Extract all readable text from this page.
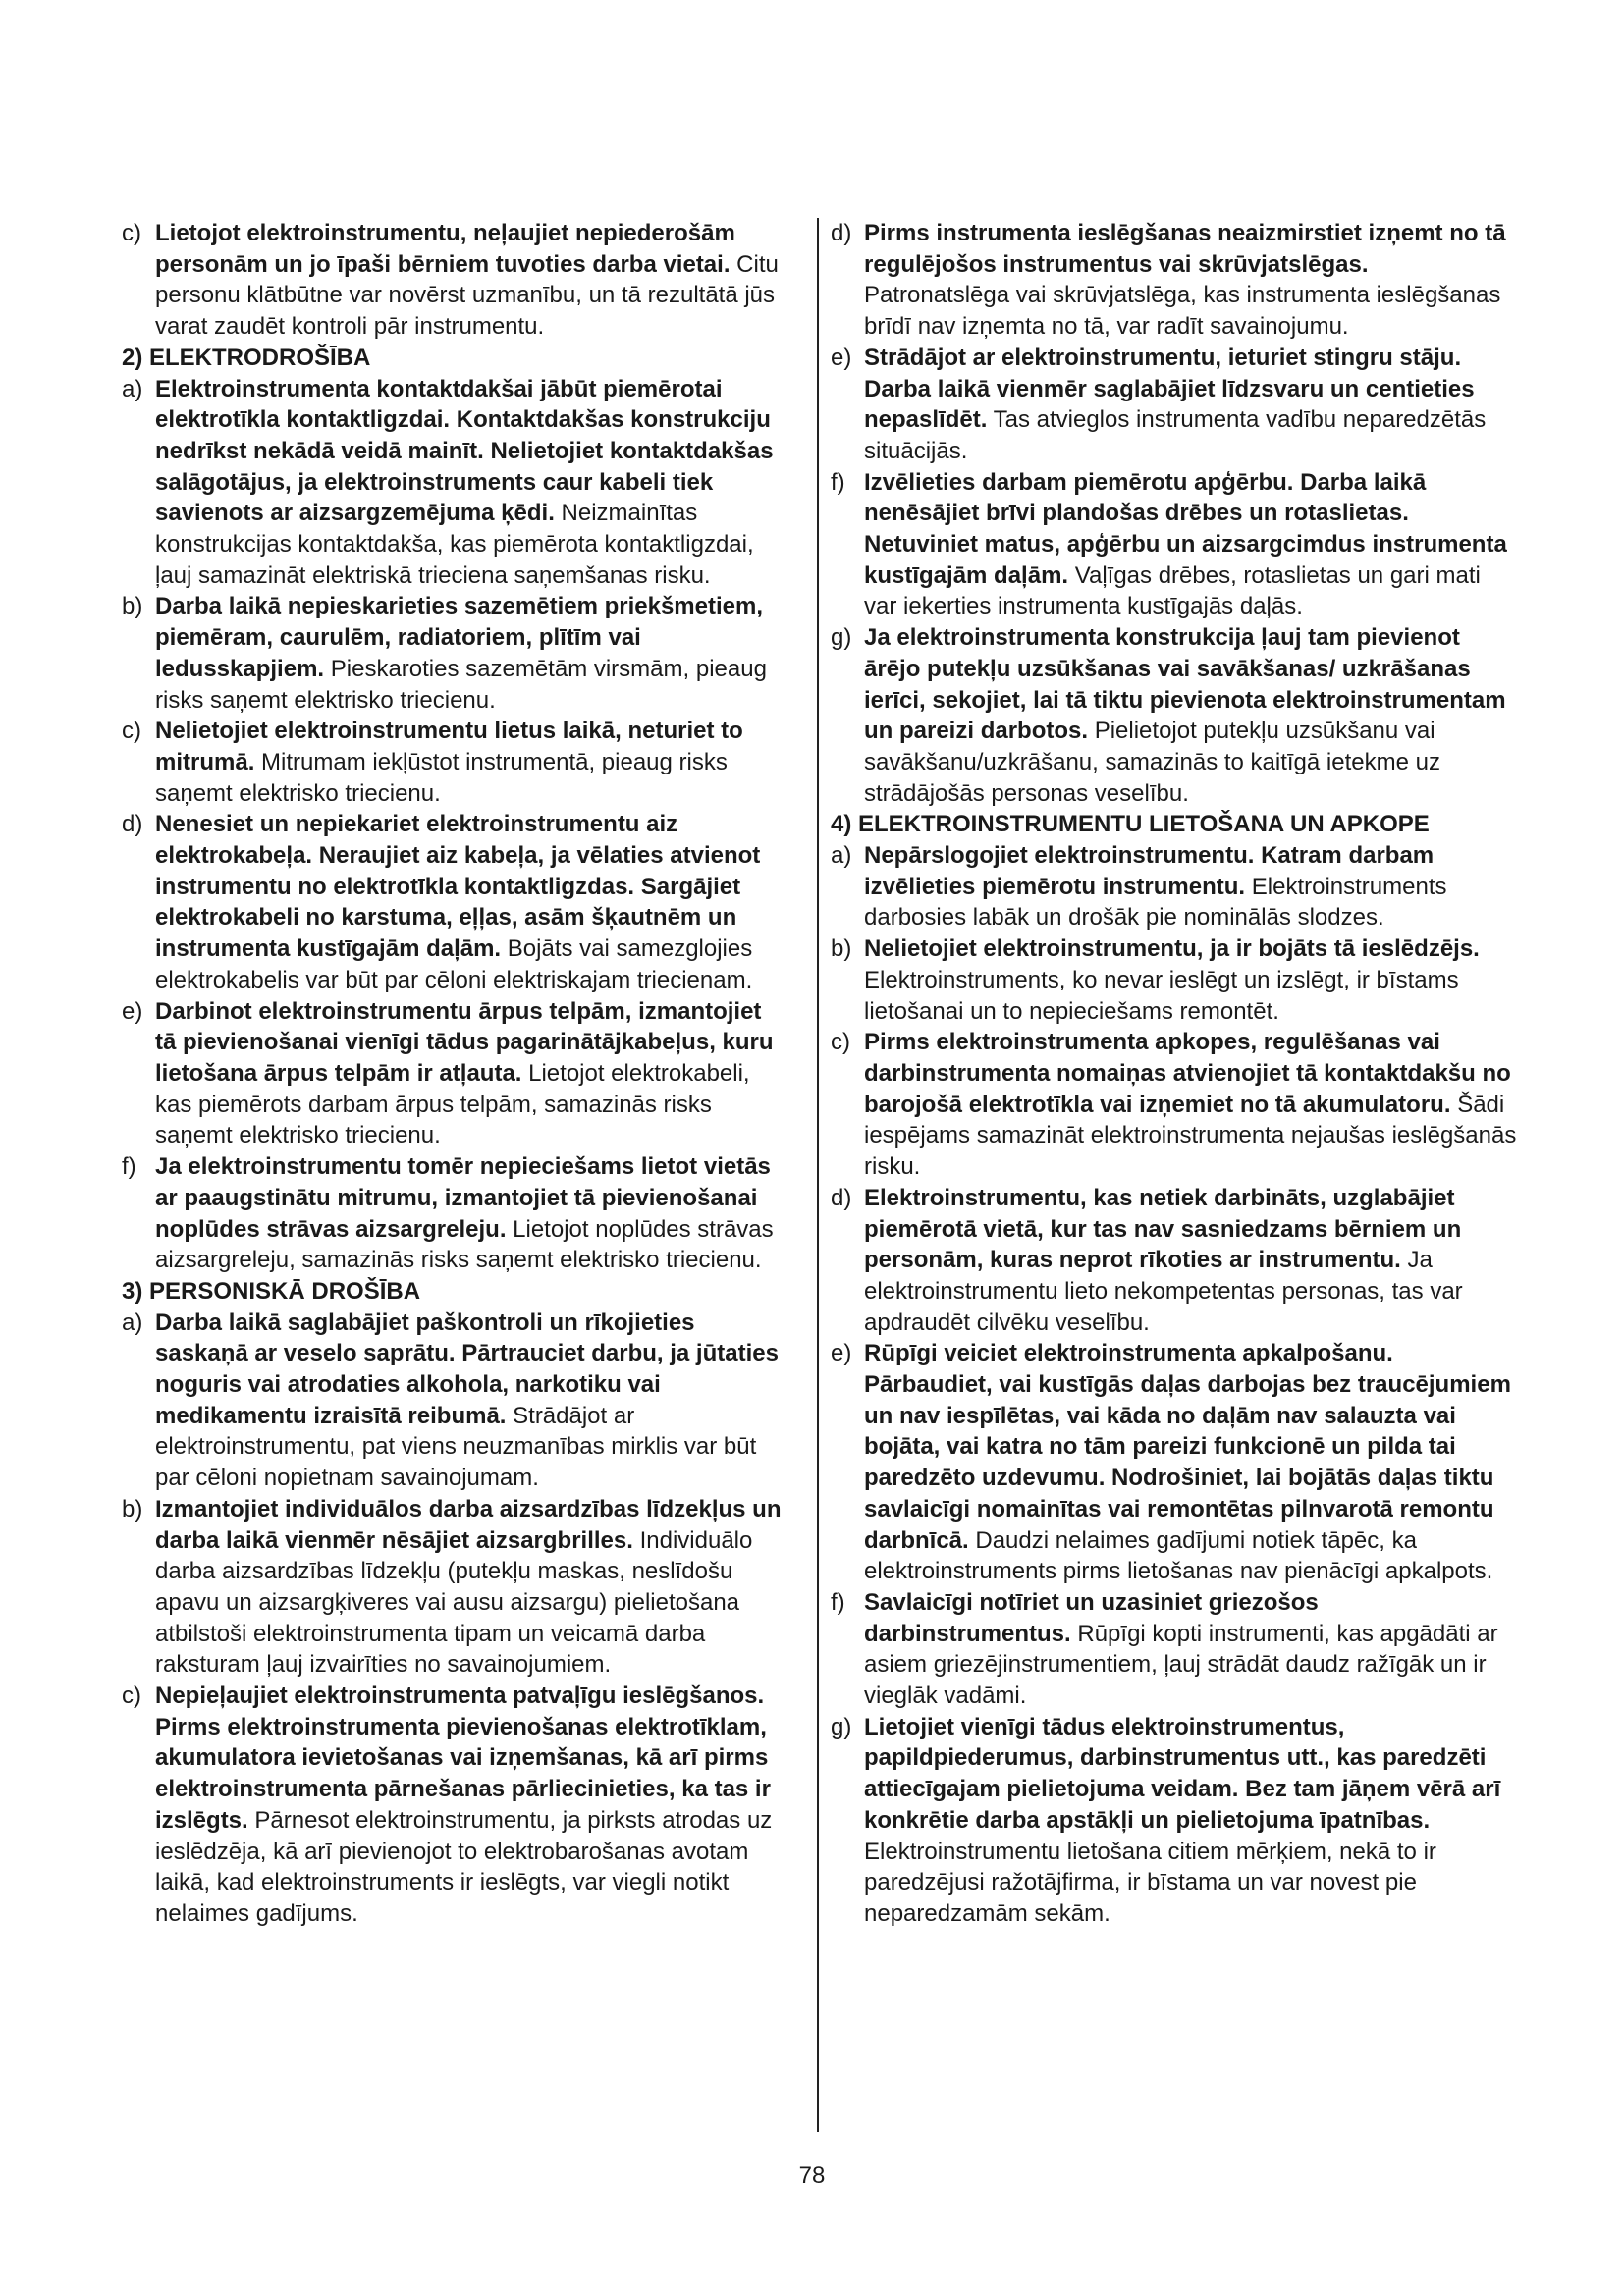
c) Lietojot elektroinstrumentu, neļaujiet nepiederošām personām un jo īpaši bērniem tuvoties darba vietai. Citu personu klātbūtne var novērst uzmanību, un tā rezultātā jūs varat zaudēt kontroli pār instrumentu.
2) ELEKTRODROŠĪBA
a) Elektroinstrumenta kontaktdakšai jābūt piemērotai elektrotīkla kontaktligzdai. Kontaktdakšas konstrukciju nedrīkst nekādā veidā mainīt. Nelietojiet kontaktdakšas salāgotājus, ja elektroinstruments caur kabeli tiek savienots ar aizsargzemējuma ķēdi. Neizmainītas konstrukcijas kontaktdakša, kas piemērota kontaktligzdai, ļauj samazināt elektriskā trieciena saņemšanas risku.
b) Darba laikā nepieskarieties sazemētiem priekšmetiem, piemēram, caurulēm, radiatoriem, plītīm vai ledusskapjiem. Pieskaroties sazemētām virsmām, pieaug risks saņemt elektrisko triecienu.
c) Nelietojiet elektroinstrumentu lietus laikā, neturiet to mitrumā. Mitrumam iekļūstot instrumentā, pieaug risks saņemt elektrisko triecienu.
d) Nenesiet un nepiekariet elektroinstrumentu aiz elektrokabeļa. Neraujiet aiz kabeļa, ja vēlaties atvienot instrumentu no elektrotīkla kontaktligzdas. Sargājiet elektrokabeli no karstuma, eļļas, asām šķautnēm un instrumenta kustīgajām daļām. Bojāts vai samezglojies elektrokabelis var būt par cēloni elektriskajam triecienam.
e) Darbinot elektroinstrumentu ārpus telpām, izmantojiet tā pievienošanai vienīgi tādus pagarinātājkabeļus, kuru lietošana ārpus telpām ir atļauta. Lietojot elektrokabeli, kas piemērots darbam ārpus telpām, samazinās risks saņemt elektrisko triecienu.
f) Ja elektroinstrumentu tomēr nepieciešams lietot vietās ar paaugstinātu mitrumu, izmantojiet tā pievienošanai noplūdes strāvas aizsargreleju. Lietojot noplūdes strāvas aizsargreleju, samazinās risks saņemt elektrisko triecienu.
3) PERSONISKĀ DROŠĪBA
a) Darba laikā saglabājiet paškontroli un rīkojieties saskaņā ar veselo saprātu. Pārtrauciet darbu, ja jūtaties noguris vai atrodaties alkohola, narkotiku vai medikamentu izraisītā reibumā. Strādājot ar elektroinstrumentu, pat viens neuzmanības mirklis var būt par cēloni nopietnam savainojumam.
b) Izmantojiet individuālos darba aizsardzības līdzekļus un darba laikā vienmēr nēsājiet aizsargbrilles. Individuālo darba aizsardzības līdzekļu (putekļu maskas, neslīdošu apavu un aizsargķiveres vai ausu aizsargu) pielietošana atbilstoši elektroinstrumenta tipam un veicamā darba raksturam ļauj izvairīties no savainojumiem.
c) Nepieļaujiet elektroinstrumenta patvaļīgu ieslēgšanos. Pirms elektroinstrumenta pievienošanas elektrotīklam, akumulatora ievietošanas vai izņemšanas, kā arī pirms elektroinstrumenta pārnešanas pārliecinieties, ka tas ir izslēgts. Pārnesot elektroinstrumentu, ja pirksts atrodas uz ieslēdzēja, kā arī pievienojot to elektrobarošanas avotam laikā, kad elektroinstruments ir ieslēgts, var viegli notikt nelaimes gadījums.
d) Pirms instrumenta ieslēgšanas neaizmirstiet izņemt no tā regulējošos instrumentus vai skrūvjatslēgas. Patronatslēga vai skrūvjatslēga, kas instrumenta ieslēgšanas brīdī nav izņemta no tā, var radīt savainojumu.
e) Strādājot ar elektroinstrumentu, ieturiet stingru stāju. Darba laikā vienmēr saglabājiet līdzsvaru un centieties nepaslīdēt. Tas atvieglos instrumenta vadību neparedzētās situācijās.
f) Izvēlieties darbam piemērotu apģērbu. Darba laikā nenēsājiet brīvi plandošas drēbes un rotaslietas. Netuviniet matus, apģērbu un aizsargcimdus instrumenta kustīgajām daļām. Vaļīgas drēbes, rotaslietas un gari mati var iekerties instrumenta kustīgajās daļās.
g) Ja elektroinstrumenta konstrukcija ļauj tam pievienot ārējo putekļu uzsūkšanas vai savākšanas/ uzkrāšanas ierīci, sekojiet, lai tā tiktu pievienota elektroinstrumentam un pareizi darbotos. Pielietojot putekļu uzsūkšanu vai savākšanu/uzkrāšanu, samazinās to kaitīgā ietekme uz strādājošās personas veselību.
4) ELEKTROINSTRUMENTU LIETOŠANA UN APKOPE
a) Nepārslogojiet elektroinstrumentu. Katram darbam izvēlieties piemērotu instrumentu. Elektroinstruments darbosies labāk un drošāk pie nominālās slodzes.
b) Nelietojiet elektroinstrumentu, ja ir bojāts tā ieslēdzējs. Elektroinstruments, ko nevar ieslēgt un izslēgt, ir bīstams lietošanai un to nepieciešams remontēt.
c) Pirms elektroinstrumenta apkopes, regulēšanas vai darbinstrumenta nomaiņas atvienojiet tā kontaktdakšu no barojošā elektrotīkla vai izņemiet no tā akumulatoru. Šādi iespējams samazināt elektroinstrumenta nejaušas ieslēgšanās risku.
d) Elektroinstrumentu, kas netiek darbināts, uzglabājiet piemērotā vietā, kur tas nav sasniedzams bērniem un personām, kuras neprot rīkoties ar instrumentu. Ja elektroinstrumentu lieto nekompetentas personas, tas var apdraudēt cilvēku veselību.
e) Rūpīgi veiciet elektroinstrumenta apkalpošanu. Pārbaudiet, vai kustīgās daļas darbojas bez traucējumiem un nav iespīlētas, vai kāda no daļām nav salauzta vai bojāta, vai katra no tām pareizi funkcionē un pilda tai paredzēto uzdevumu. Nodrošiniet, lai bojātās daļas tiktu savlaicīgi nomainītas vai remontētas pilnvarotā remontu darbnīcā. Daudzi nelaimes gadījumi notiek tāpēc, ka elektroinstruments pirms lietošanas nav pienācīgi apkalpots.
f) Savlaicīgi notīriet un uzasiniet griezošos darbinstrumentus. Rūpīgi kopti instrumenti, kas apgādāti ar asiem griezējinstrumentiem, ļauj strādāt daudz ražīgāk un ir vieglāk vadāmi.
g) Lietojiet vienīgi tādus elektroinstrumentus, papildpiederumus, darbinstrumentus utt., kas paredzēti attiecīgajam pielietojuma veidam. Bez tam jāņem vērā arī konkrētie darba apstākļi un pielietojuma īpatnības. Elektroinstrumentu lietošana citiem mērķiem, nekā to ir paredzējusi ražotājfirma, ir bīstama un var novest pie neparedzamām sekām.
78
